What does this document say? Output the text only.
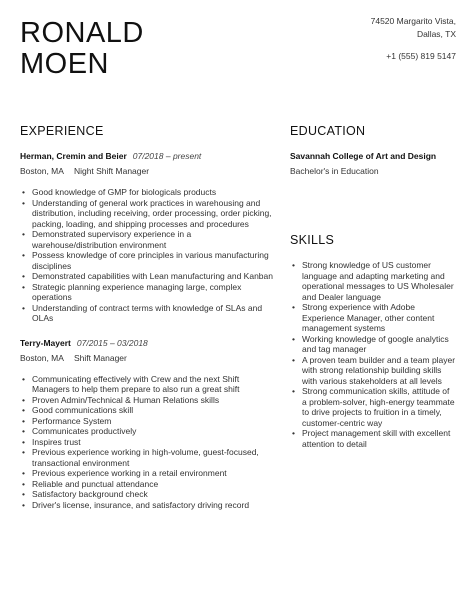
RONALD
MOEN
74520 Margarito Vista,
Dallas, TX
+1 (555) 819 5147
EXPERIENCE
Herman, Cremin and Beier 07/2018 – present
Boston, MA Night Shift Manager
• Good knowledge of GMP for biologicals products
• Understanding of general work practices in warehousing and distribution, including receiving, order processing, order picking, packing, loading, and shipping processes and procedures
• Demonstrated supervisory experience in a warehouse/distribution environment
• Possess knowledge of core principles in various manufacturing disciplines
• Demonstrated capabilities with Lean manufacturing and Kanban
• Strategic planning experience managing large, complex operations
• Understanding of contract terms with knowledge of SLAs and OLAs
Terry-Mayert 07/2015 – 03/2018
Boston, MA Shift Manager
• Communicating effectively with Crew and the next Shift Managers to help them prepare to also run a great shift
• Proven Admin/Technical & Human Relations skills
• Good communications skill
• Performance System
• Communicates productively
• Inspires trust
• Previous experience working in high-volume, guest-focused, transactional environment
• Previous experience working in a retail environment
• Reliable and punctual attendance
• Satisfactory background check
• Driver's license, insurance, and satisfactory driving record
EDUCATION
Savannah College of Art and Design
Bachelor's in Education
SKILLS
• Strong knowledge of US customer language and adapting marketing and operational messages to US Wholesaler and Dealer language
• Strong experience with Adobe Experience Manager, other content management systems
• Working knowledge of google analytics and tag manager
• A proven team builder and a team player with strong relationship building skills with various stakeholders at all levels
• Strong communication skills, attitude of a problem-solver, high-energy teammate to drive projects to fruition in a timely, customer-centric way
• Project management skill with excellent attention to detail
